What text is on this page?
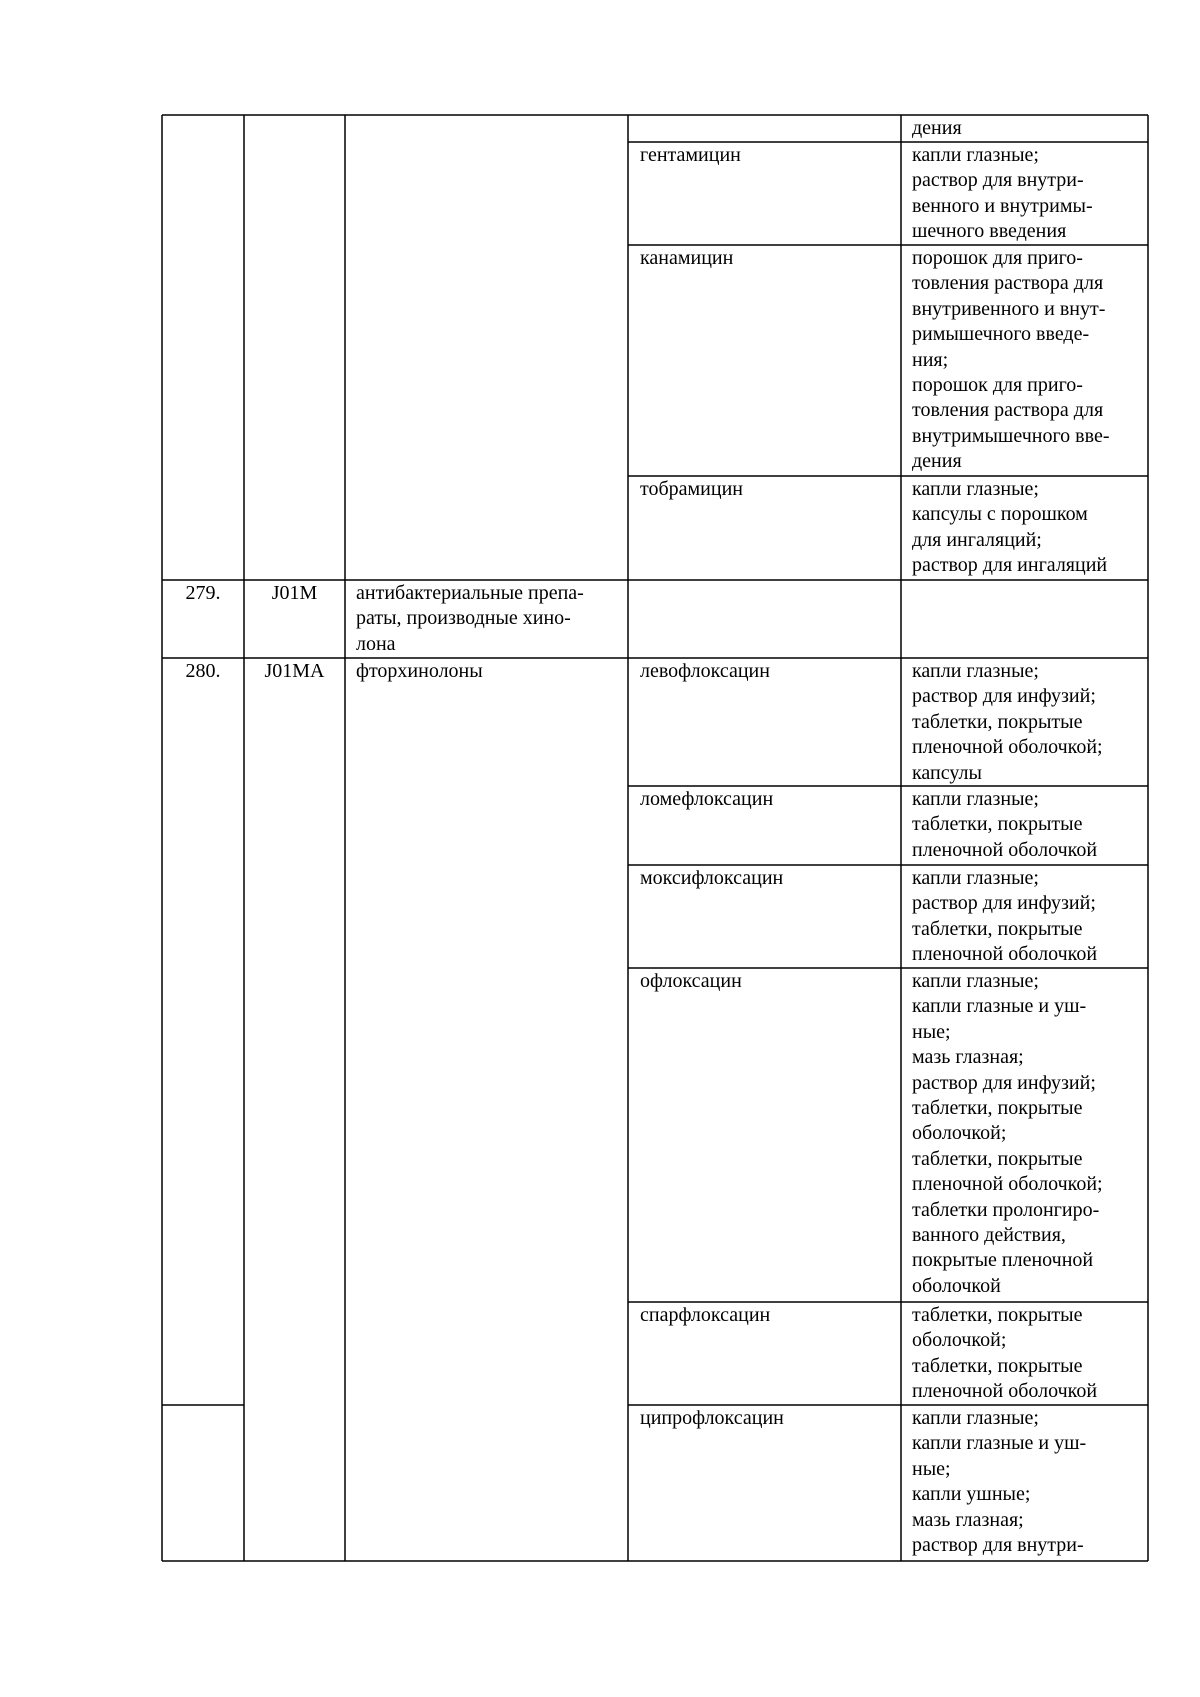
дения
гентамицин	капли глазные;
раствор для внутри-
венного и внутримы-
шечного введения
канамицин	порошок для приго-
товления раствора для
внутривенного и внут-
римышечного введе-
ния;
порошок для приго-
товления раствора для
внутримышечного вве-
дения
тобрамицин	капли глазные;
капсулы с порошком
для ингаляций;
раствор для ингаляций
279.	J01M	антибактериальные препа-
раты, производные хино-
лона
280.	J01MA	фторхинолоны	левофлоксацин	капли глазные;
раствор для инфузий;
таблетки, покрытые
пленочной оболочкой;
капсулы
ломефлоксацин	капли глазные;
таблетки, покрытые
пленочной оболочкой
моксифлоксацин	капли глазные;
раствор для инфузий;
таблетки, покрытые
пленочной оболочкой
офлоксацин	капли глазные;
капли глазные и уш-
ные;
мазь глазная;
раствор для инфузий;
таблетки, покрытые
оболочкой;
таблетки, покрытые
пленочной оболочкой;
таблетки пролонгиро-
ванного действия,
покрытые пленочной
оболочкой
спарфлоксацин	таблетки, покрытые
оболочкой;
таблетки, покрытые
пленочной оболочкой
ципрофлоксацин	капли глазные;
капли глазные и уш-
ные;
капли ушные;
мазь глазная;
раствор для внутри-
